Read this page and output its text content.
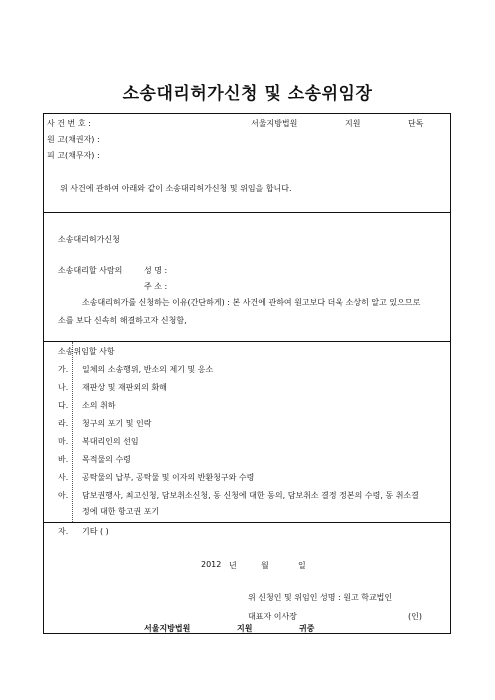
소송대리허가신청 및 소송위임장
사 건 번 호 :	서울지방법원	지원	단독
원 고(채권자) :
피 고(채무자) :
위 사건에 관하여 아래와 같이 소송대리허가신청 및 위임을 합니다.
소송대리허가신청
소송대리할 사람의	성 명 :
주 소 :
소송대리허가를 신청하는 이유(간단하게) : 본 사건에 관하여 원고보다 더욱 소상히 알고 있으므로
소를 보다 신속히 해결하고자 신청함,
소송위임할 사항
가. 일체의 소송행위, 반소의 제기 및 응소
나. 재판상 및 재판외의 화해
다. 소의 취하
라. 청구의 포기 및 인락
마. 복대리인의 선임
바. 목적물의 수령
사. 공탁물의 납부, 공탁물 및 이자의 반환청구와 수령
아. 담보권행사, 최고신청, 담보취소신청, 동 신청에 대한 동의, 담보취소 결정 정본의 수령, 동 취소결
정에 대한 항고권 포기
자. 기타 ( )
2012 년	월	일
위 신청인 및 위임인 성명 : 원고 학교법인
대표자 이사장	(인)
서울지방법원	지원	귀중
